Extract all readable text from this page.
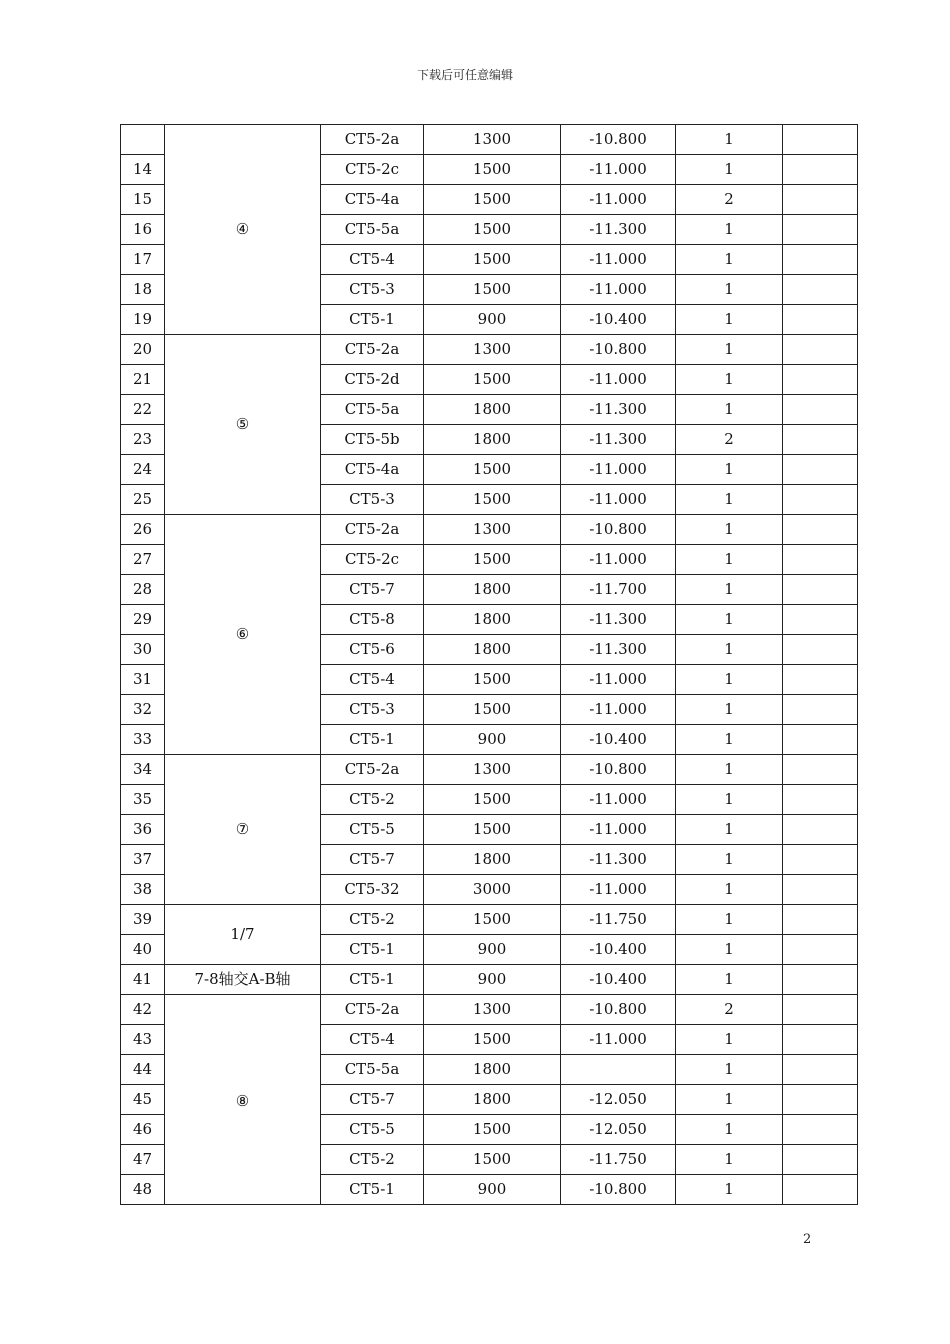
下载后可任意编辑
	④	CT5-2a	1300	-10.800	1	
14		CT5-2c	1500	-11.000	1	
15		CT5-4a	1500	-11.000	2	
16		CT5-5a	1500	-11.300	1	
17		CT5-4	1500	-11.000	1	
18		CT5-3	1500	-11.000	1	
19		CT5-1	900	-10.400	1	
20	⑤	CT5-2a	1300	-10.800	1	
21		CT5-2d	1500	-11.000	1	
22		CT5-5a	1800	-11.300	1	
23		CT5-5b	1800	-11.300	2	
24		CT5-4a	1500	-11.000	1	
25		CT5-3	1500	-11.000	1	
26	⑥	CT5-2a	1300	-10.800	1	
27		CT5-2c	1500	-11.000	1	
28		CT5-7	1800	-11.700	1	
29		CT5-8	1800	-11.300	1	
30		CT5-6	1800	-11.300	1	
31		CT5-4	1500	-11.000	1	
32		CT5-3	1500	-11.000	1	
33		CT5-1	900	-10.400	1	
34	⑦	CT5-2a	1300	-10.800	1	
35		CT5-2	1500	-11.000	1	
36		CT5-5	1500	-11.000	1	
37		CT5-7	1800	-11.300	1	
38		CT5-32	3000	-11.000	1	
39	1/7	CT5-2	1500	-11.750	1	
40		CT5-1	900	-10.400	1	
41	7-8轴交A-B轴	CT5-1	900	-10.400	1	
42	⑧	CT5-2a	1300	-10.800	2	
43		CT5-4	1500	-11.000	1	
44		CT5-5a	1800		1	
45		CT5-7	1800	-12.050	1	
46		CT5-5	1500	-12.050	1	
47		CT5-2	1500	-11.750	1	
48		CT5-1	900	-10.800	1	
2
